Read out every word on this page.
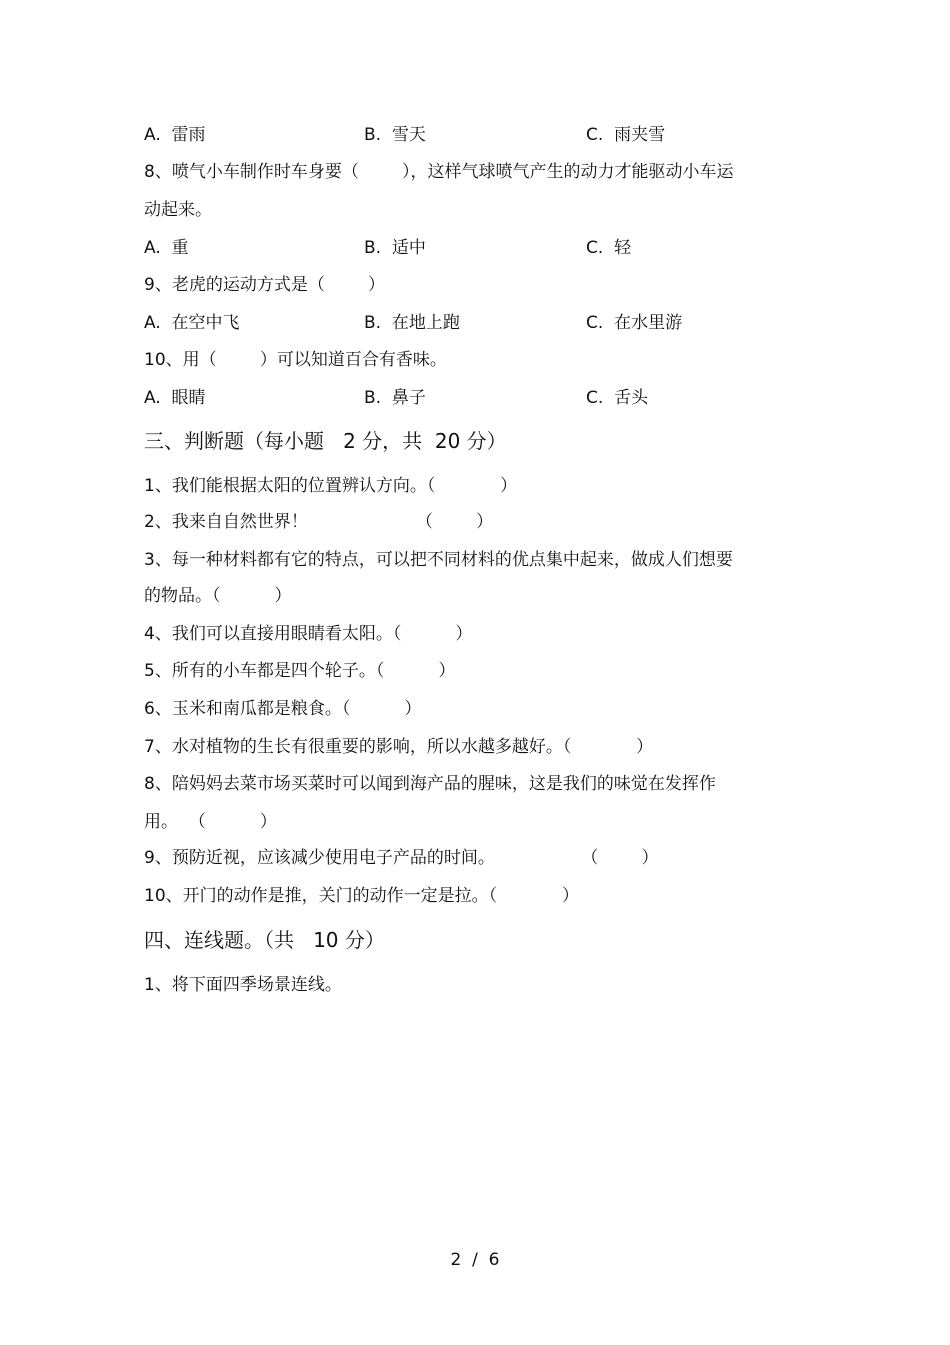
A.  雷雨	B.  雪天	C.  雨夹雪
8、喷气小车制作时车身要（        ），这样气球喷气产生的动力才能驱动小车运
动起来。
A.  重	B.  适中	C.  轻
9、老虎的运动方式是（        ）
A.  在空中飞	B.  在地上跑	C.  在水里游
10、用（        ）可以知道百合有香味。
A.  眼睛	B.  鼻子	C.  舌头
三、判断题（每小题   2 分，共  20 分）
1、我们能根据太阳的位置辨认方向。（            ）
2、我来自自然世界！                    （        ）
3、每一种材料都有它的特点，可以把不同材料的优点集中起来，做成人们想要
的物品。（          ）
4、我们可以直接用眼睛看太阳。（          ）
5、所有的小车都是四个轮子。（          ）
6、玉米和南瓜都是粮食。（          ）
7、水对植物的生长有很重要的影响，所以水越多越好。（            ）
8、陪妈妈去菜市场买菜时可以闻到海产品的腥味，这是我们的味觉在发挥作
用。  （          ）
9、预防近视，应该减少使用电子产品的时间。                （        ）
10、开门的动作是推，关门的动作一定是拉。（            ）
四、连线题。（共   10 分）
1、将下面四季场景连线。
2  /  6
